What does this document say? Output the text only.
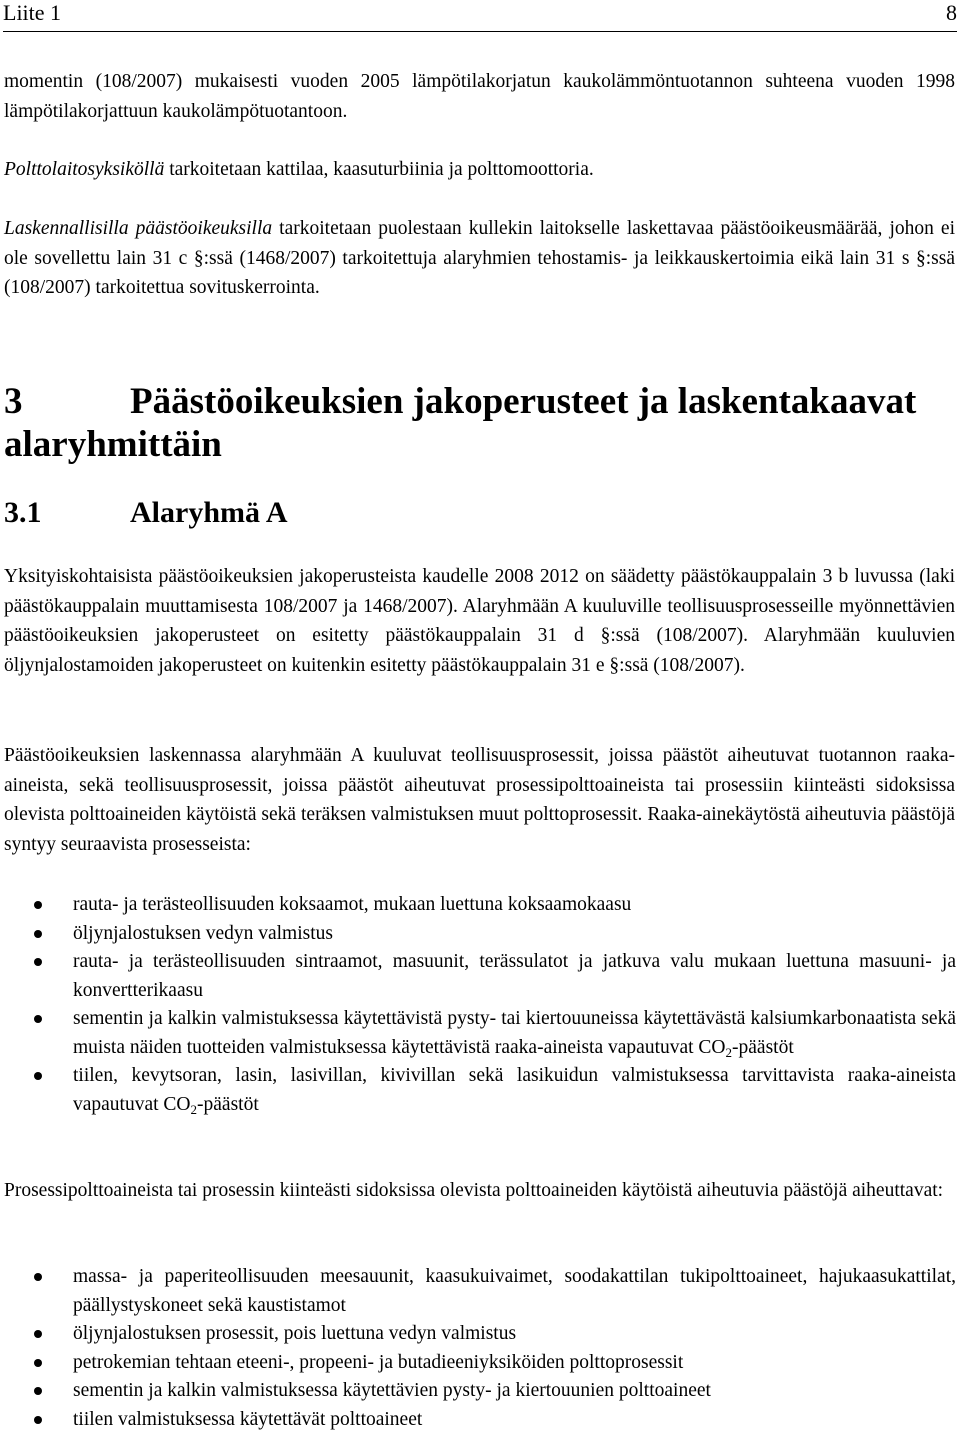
Liite 1	8

momentin (108/2007) mukaisesti vuoden 2005 lämpötilakorjatun kaukolämmöntuotannon suhteena vuoden 1998 lämpötilakorjattuun kaukolämpötuotantoon.

Polttolaitosyksiköllä tarkoitetaan kattilaa, kaasuturbiinia ja polttomoottoria.

Laskennallisilla päästöoikeuksilla tarkoitetaan puolestaan kullekin laitokselle laskettavaa päästöoikeusmäärää, johon ei ole sovellettu lain 31 c §:ssä (1468/2007) tarkoitettuja alaryhmien tehostamis- ja leikkauskertoimia eikä lain 31 s §:ssä (108/2007) tarkoitettua sovituskerrointa.

3	Päästöoikeuksien jakoperusteet ja laskentakaavat alaryhmittäin
3.1	Alaryhmä A

Yksityiskohtaisista päästöoikeuksien jakoperusteista kaudelle 2008 2012 on säädetty päästökauppalain 3 b luvussa (laki päästökauppalain muuttamisesta 108/2007 ja 1468/2007). Alaryhmään A kuuluville teollisuusprosesseille myönnettävien päästöoikeuksien jakoperusteet on esitetty päästökauppalain 31 d §:ssä (108/2007). Alaryhmään kuuluvien öljynjalostamoiden jakoperusteet on kuitenkin esitetty päästökauppalain 31 e §:ssä (108/2007).

Päästöoikeuksien laskennassa alaryhmään A kuuluvat teollisuusprosessit, joissa päästöt aiheutuvat tuotannon raaka-aineista, sekä teollisuusprosessit, joissa päästöt aiheutuvat prosessipolttoaineista tai prosessiin kiinteästi sidoksissa olevista polttoaineiden käytöistä sekä teräksen valmistuksen muut polttoprosessit. Raaka-ainekäytöstä aiheutuvia päästöjä syntyy seuraavista prosesseista:

rauta- ja terästeollisuuden koksaamot, mukaan luettuna koksaamokaasu
öljynjalostuksen vedyn valmistus
rauta- ja terästeollisuuden sintraamot, masuunit, terässulatot ja jatkuva valu mukaan luettuna masuuni- ja konvertterikaasu
sementin ja kalkin valmistuksessa käytettävistä pysty- tai kiertouuneissa käytettävästä kalsiumkarbonaatista sekä muista näiden tuotteiden valmistuksessa käytettävistä raaka-aineista vapautuvat $CO_2$-päästöt
tiilen, kevytsoran, lasin, lasivillan, kivivillan sekä lasikuidun valmistuksessa tarvittavista raaka-aineista vapautuvat $CO_2$-päästöt

Prosessipolttoaineista tai prosessin kiinteästi sidoksissa olevista polttoaineiden käytöistä aiheutuvia päästöjä aiheuttavat:

massa- ja paperiteollisuuden meesauunit, kaasukuivaimet, soodakattilan tukipolttoaineet, hajukaasukattilat, päällystyskoneet sekä kaustistamot
öljynjalostuksen prosessit, pois luettuna vedyn valmistus
petrokemian tehtaan eteeni-, propeeni- ja butadieeniyksiköiden polttoprosessit
sementin ja kalkin valmistuksessa käytettävien pysty- ja kiertouunien polttoaineet
tiilen valmistuksessa käytettävät polttoaineet
